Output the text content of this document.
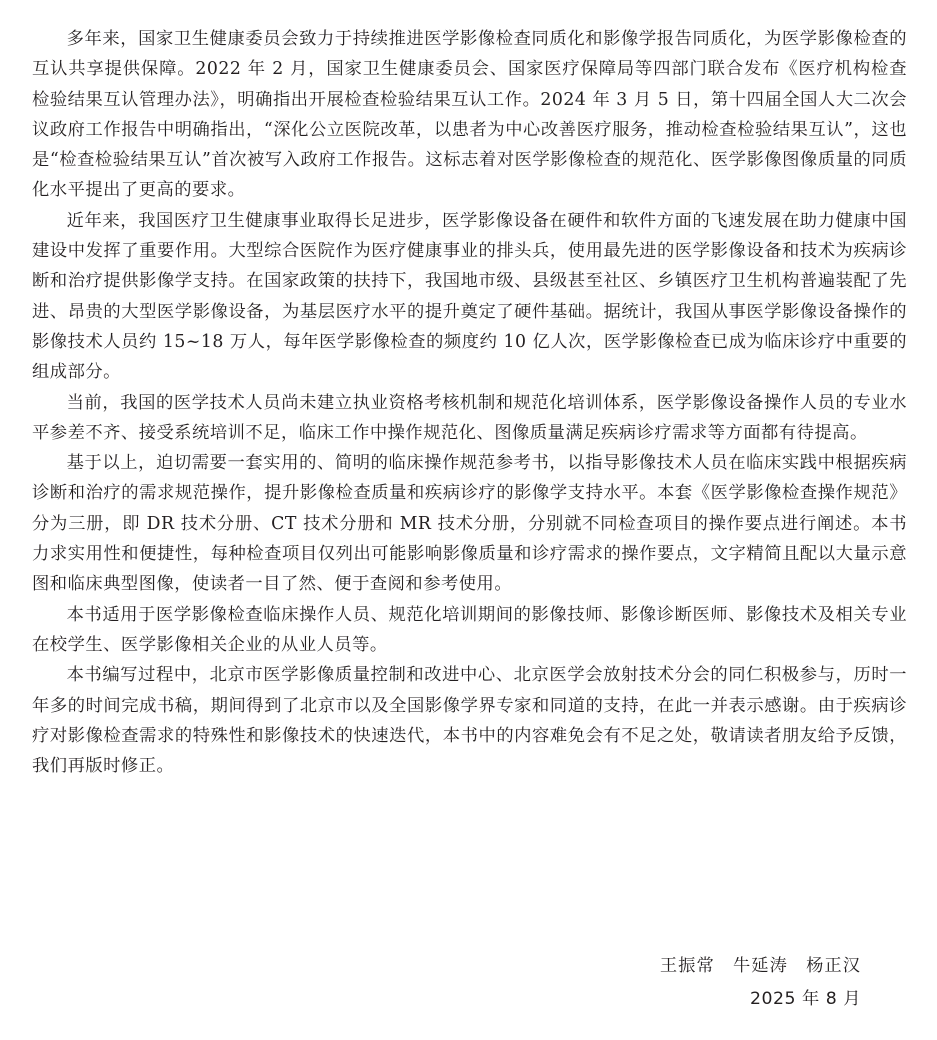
多年来，国家卫生健康委员会致力于持续推进医学影像检查同质化和影像学报告同质化，为医学影像检查的互认共享提供保障。2022 年 2 月，国家卫生健康委员会、国家医疗保障局等四部门联合发布《医疗机构检查检验结果互认管理办法》，明确指出开展检查检验结果互认工作。2024 年 3 月 5 日，第十四届全国人大二次会议政府工作报告中明确指出，“深化公立医院改革，以患者为中心改善医疗服务，推动检查检验结果互认”，这也是“检查检验结果互认”首次被写入政府工作报告。这标志着对医学影像检查的规范化、医学影像图像质量的同质化水平提出了更高的要求。

近年来，我国医疗卫生健康事业取得长足进步，医学影像设备在硬件和软件方面的飞速发展在助力健康中国建设中发挥了重要作用。大型综合医院作为医疗健康事业的排头兵，使用最先进的医学影像设备和技术为疾病诊断和治疗提供影像学支持。在国家政策的扶持下，我国地市级、县级甚至社区、乡镇医疗卫生机构普遍装配了先进、昂贵的大型医学影像设备，为基层医疗水平的提升奠定了硬件基础。据统计，我国从事医学影像设备操作的影像技术人员约 15~18 万人，每年医学影像检查的频度约 10 亿人次，医学影像检查已成为临床诊疗中重要的组成部分。

当前，我国的医学技术人员尚未建立执业资格考核机制和规范化培训体系，医学影像设备操作人员的专业水平参差不齐、接受系统培训不足，临床工作中操作规范化、图像质量满足疾病诊疗需求等方面都有待提高。

基于以上，迫切需要一套实用的、简明的临床操作规范参考书，以指导影像技术人员在临床实践中根据疾病诊断和治疗的需求规范操作，提升影像检查质量和疾病诊疗的影像学支持水平。本套《医学影像检查操作规范》分为三册，即 DR 技术分册、CT 技术分册和 MR 技术分册，分别就不同检查项目的操作要点进行阐述。本书力求实用性和便捷性，每种检查项目仅列出可能影响影像质量和诊疗需求的操作要点，文字精简且配以大量示意图和临床典型图像，使读者一目了然、便于查阅和参考使用。

本书适用于医学影像检查临床操作人员、规范化培训期间的影像技师、影像诊断医师、影像技术及相关专业在校学生、医学影像相关企业的从业人员等。

本书编写过程中，北京市医学影像质量控制和改进中心、北京医学会放射技术分会的同仁积极参与，历时一年多的时间完成书稿，期间得到了北京市以及全国影像学界专家和同道的支持，在此一并表示感谢。由于疾病诊疗对影像检查需求的特殊性和影像技术的快速迭代，本书中的内容难免会有不足之处，敬请读者朋友给予反馈，我们再版时修正。

王振常　牛延涛　杨正汉
2025 年 8 月
